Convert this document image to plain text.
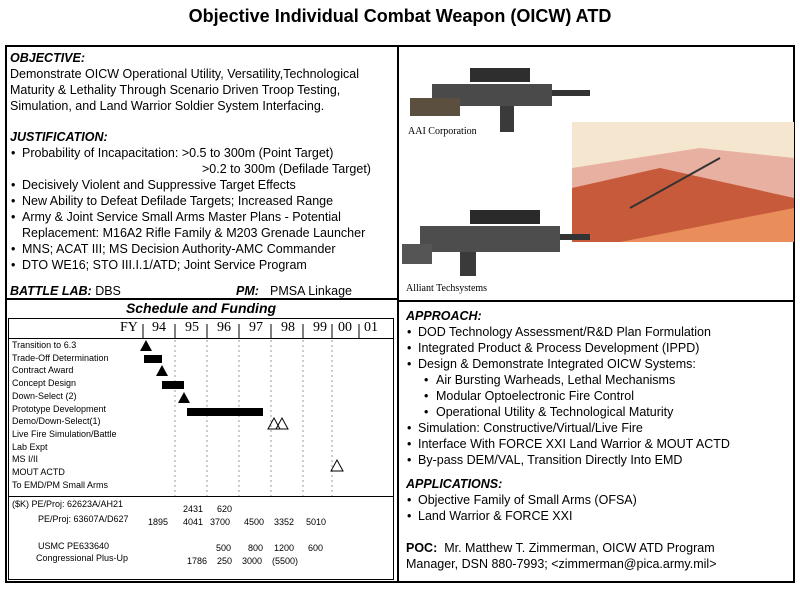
Objective Individual Combat Weapon (OICW) ATD
OBJECTIVE:
Demonstrate OICW Operational Utility, Versatility,Technological Maturity & Lethality Through Scenario Driven Troop Testing, Simulation, and Land Warrior Soldier System Interfacing.
JUSTIFICATION:
• Probability of Incapacitation: >0.5 to 300m (Point Target)
>0.2 to 300m (Defilade Target)
• Decisively Violent and Suppressive Target Effects
• New Ability to Defeat Defilade Targets; Increased Range
• Army & Joint Service Small Arms Master Plans - Potential
Replacement: M16A2 Rifle Family & M203 Grenade Launcher
• MNS; ACAT III; MS Decision Authority-AMC Commander
• DTO WE16; STO III.I.1/ATD; Joint Service Program
BATTLE LAB: DBS	PM: PMSA Linkage
AAI Corporation
Alliant Techsystems
Schedule and Funding
FY 94 95 96 97 98 99 00 01
Transition to 6.3
Trade-Off Determination
Contract Award
Concept Design
Down-Select (2)
Prototype Development
Demo/Down-Select(1)
Live Fire Simulation/Battle
Lab Expt
MS I/II
MOUT ACTD
To EMD/PM Small Arms
($K) PE/Proj: 62623A/AH21
PE/Proj: 63607A/D627
USMC PE633640
Congressional Plus-Up
2431 620
1895 4041 3700 4500 3352 5010
500 800 1200 600
1786 250 3000 (5500)
APPROACH:
• DOD Technology Assessment/R&D Plan Formulation
• Integrated Product & Process Development (IPPD)
• Design & Demonstrate Integrated OICW Systems:
• Air Bursting Warheads, Lethal Mechanisms
• Modular Optoelectronic Fire Control
• Operational Utility & Technological Maturity
• Simulation: Constructive/Virtual/Live Fire
• Interface With FORCE XXI Land Warrior & MOUT ACTD
• By-pass DEM/VAL, Transition Directly Into EMD
APPLICATIONS:
• Objective Family of Small Arms (OFSA)
• Land Warrior & FORCE XXI
POC: Mr. Matthew T. Zimmerman, OICW ATD Program
Manager, DSN 880-7993; <zimmerman@pica.army.mil>
